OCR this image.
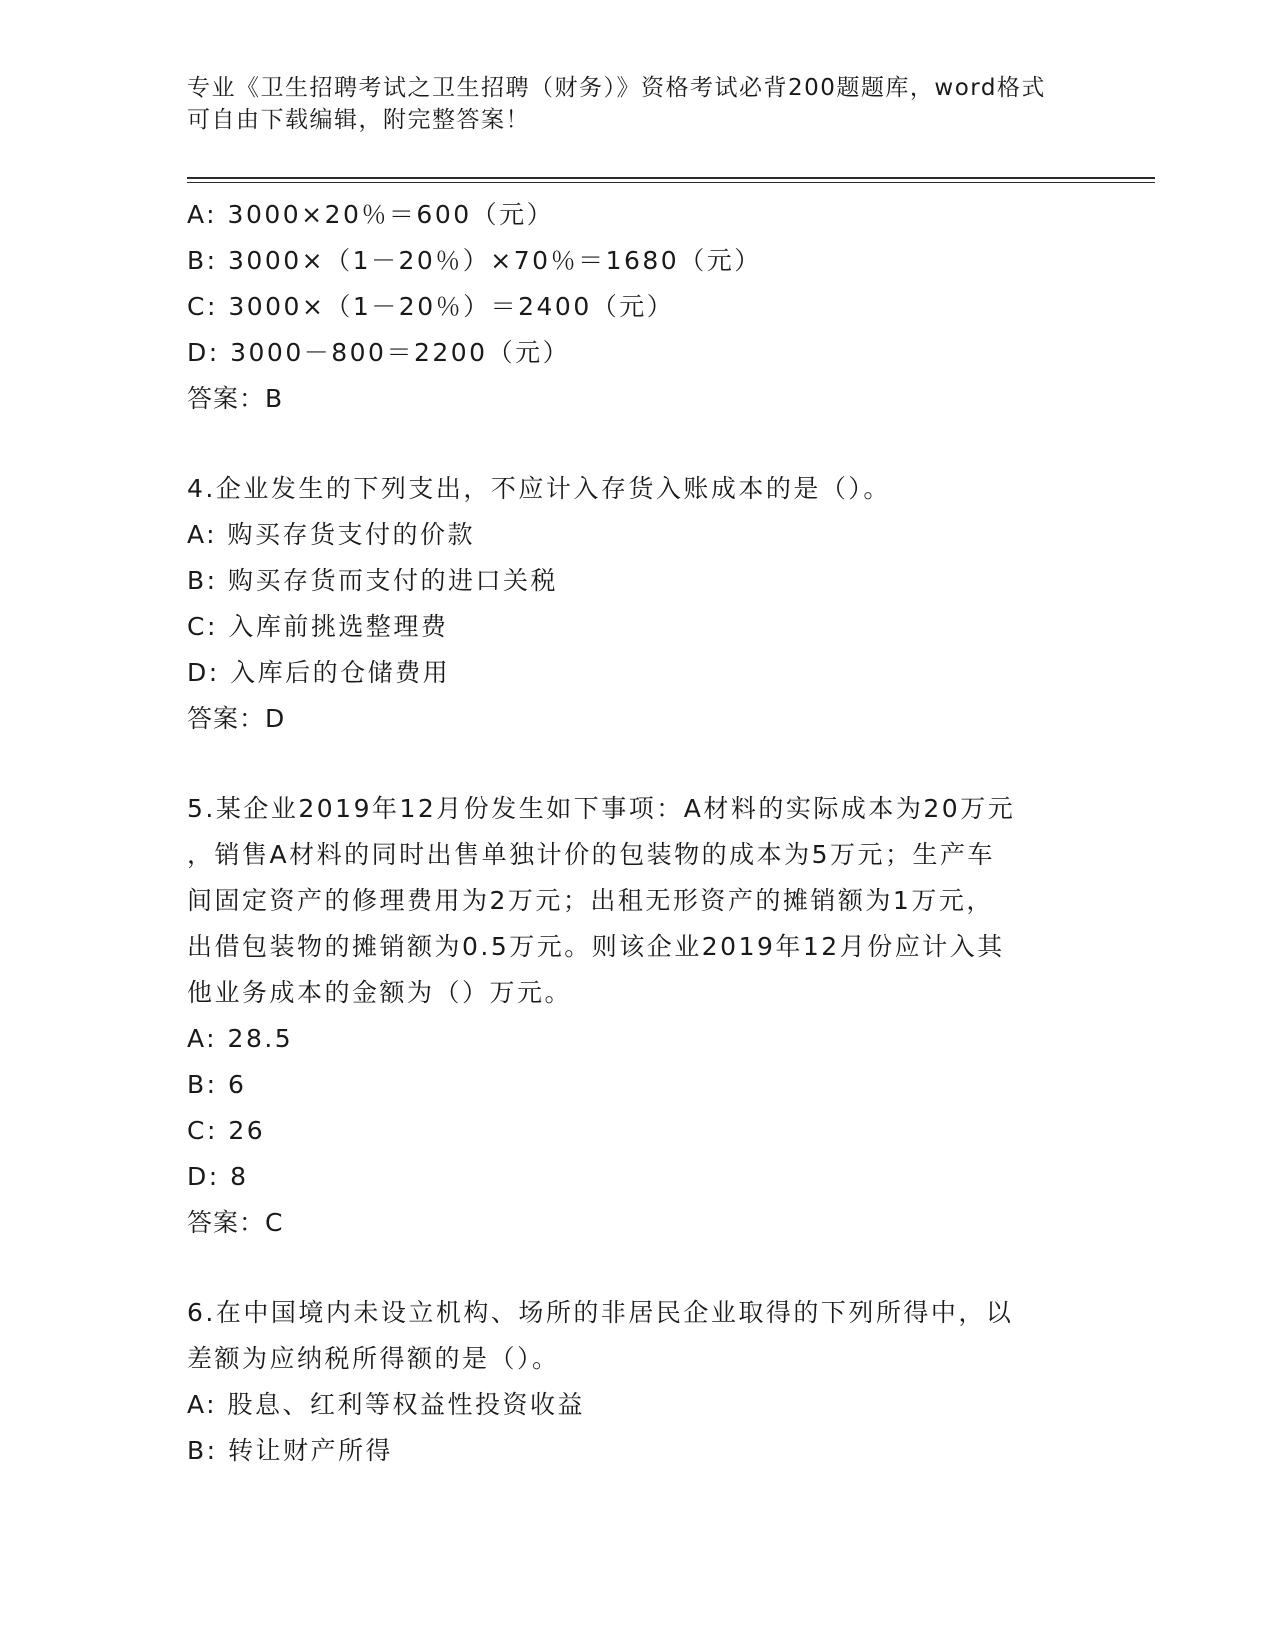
专业《卫生招聘考试之卫生招聘（财务）》资格考试必背200题题库，word格式
可自由下载编辑，附完整答案！
A: 3000×20％＝600（元）
B: 3000×（1－20％）×70％＝1680（元）
C: 3000×（1－20％）＝2400（元）
D: 3000－800＝2200（元）
答案：B
4.企业发生的下列支出，不应计入存货入账成本的是（）。
A: 购买存货支付的价款
B: 购买存货而支付的进口关税
C: 入库前挑选整理费
D: 入库后的仓储费用
答案：D
5.某企业2019年12月份发生如下事项：A材料的实际成本为20万元
，销售A材料的同时出售单独计价的包装物的成本为5万元；生产车
间固定资产的修理费用为2万元；出租无形资产的摊销额为1万元，
出借包装物的摊销额为0.5万元。则该企业2019年12月份应计入其
他业务成本的金额为（）万元。
A: 28.5
B: 6
C: 26
D: 8
答案：C
6.在中国境内未设立机构、场所的非居民企业取得的下列所得中，以
差额为应纳税所得额的是（）。
A: 股息、红利等权益性投资收益
B: 转让财产所得
